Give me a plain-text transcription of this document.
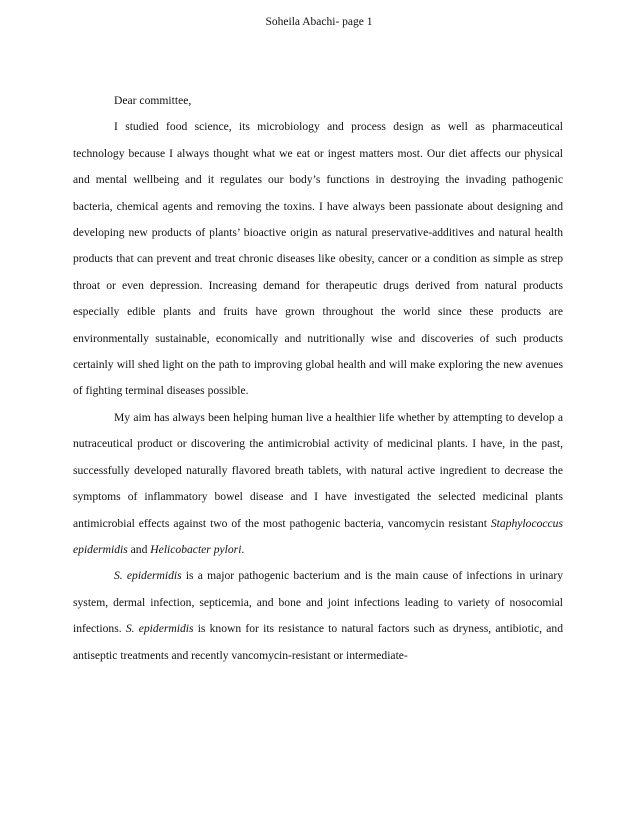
Soheila Abachi- page 1

Dear committee,

I studied food science, its microbiology and process design as well as pharmaceutical technology because I always thought what we eat or ingest matters most. Our diet affects our physical and mental wellbeing and it regulates our body’s functions in destroying the invading pathogenic bacteria, chemical agents and removing the toxins. I have always been passionate about designing and developing new products of plants’ bioactive origin as natural preservative-additives and natural health products that can prevent and treat chronic diseases like obesity, cancer or a condition as simple as strep throat or even depression. Increasing demand for therapeutic drugs derived from natural products especially edible plants and fruits have grown throughout the world since these products are environmentally sustainable, economically and nutritionally wise and discoveries of such products certainly will shed light on the path to improving global health and will make exploring the new avenues of fighting terminal diseases possible.

My aim has always been helping human live a healthier life whether by attempting to develop a nutraceutical product or discovering the antimicrobial activity of medicinal plants. I have, in the past, successfully developed naturally flavored breath tablets, with natural active ingredient to decrease the symptoms of inflammatory bowel disease and I have investigated the selected medicinal plants antimicrobial effects against two of the most pathogenic bacteria, vancomycin resistant Staphylococcus epidermidis and Helicobacter pylori.

S. epidermidis is a major pathogenic bacterium and is the main cause of infections in urinary system, dermal infection, septicemia, and bone and joint infections leading to variety of nosocomial infections. S. epidermidis is known for its resistance to natural factors such as dryness, antibiotic, and antiseptic treatments and recently vancomycin-resistant or intermediate-
